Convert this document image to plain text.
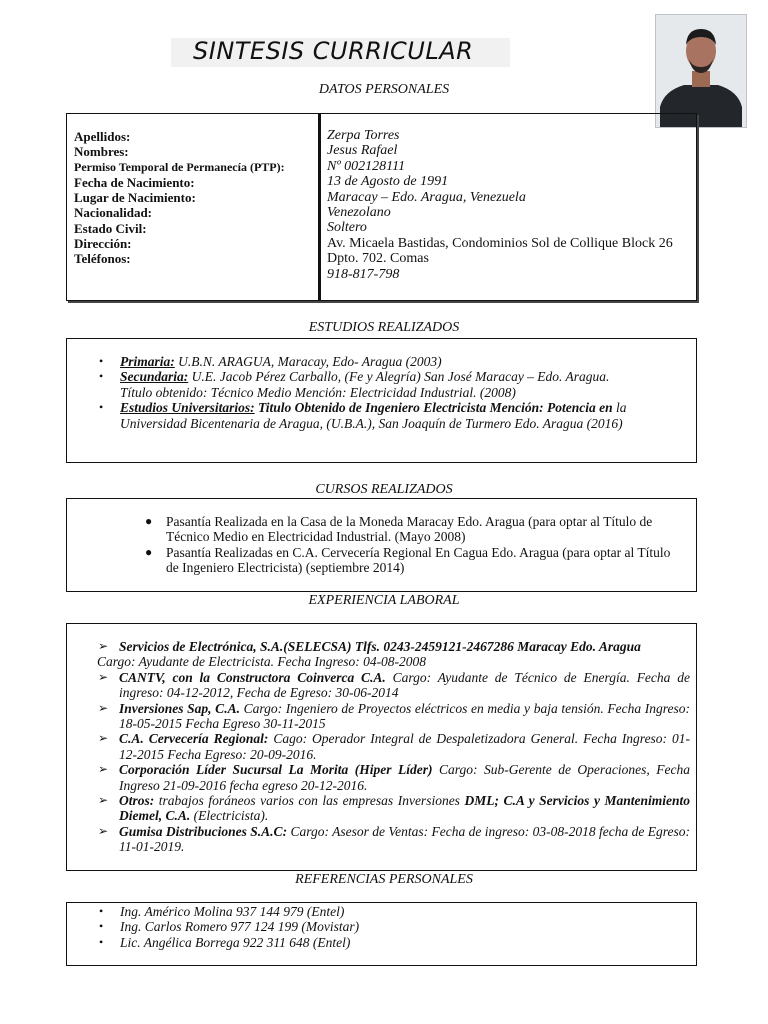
SINTESIS CURRICULAR
DATOS PERSONALES
Apellidos:
Nombres:
Permiso Temporal de Permanecía (PTP):
Fecha de Nacimiento:
Lugar de Nacimiento:
Nacionalidad:
Estado Civil:
Dirección:
Teléfonos:
Zerpa Torres
Jesus Rafael
Nº 002128111
13 de Agosto de 1991
Maracay – Edo. Aragua, Venezuela
Venezolano
Soltero
Av. Micaela Bastidas, Condominios Sol de Collique Block 26
Dpto. 702. Comas
918-817-798
ESTUDIOS REALIZADOS
• Primaria: U.B.N. ARAGUA, Maracay, Edo- Aragua (2003)
• Secundaria: U.E. Jacob Pérez Carballo, (Fe y Alegría) San José Maracay – Edo. Aragua.
Título obtenido: Técnico Medio Mención: Electricidad Industrial. (2008)
• Estudios Universitarios: Titulo Obtenido de Ingeniero Electricista Mención: Potencia en la
Universidad Bicentenaria de Aragua, (U.B.A.), San Joaquín de Turmero Edo. Aragua (2016)
CURSOS REALIZADOS
● Pasantía Realizada en la Casa de la Moneda Maracay Edo. Aragua (para optar al Título de Técnico Medio en Electricidad Industrial. (Mayo 2008)
● Pasantía Realizadas en C.A. Cervecería Regional En Cagua Edo. Aragua (para optar al Título de Ingeniero Electricista) (septiembre 2014)
EXPERIENCIA LABORAL
➢ Servicios de Electrónica, S.A.(SELECSA) Tlfs. 0243-2459121-2467286 Maracay Edo. Aragua
Cargo: Ayudante de Electricista. Fecha Ingreso: 04-08-2008
➢ CANTV, con la Constructora Coinverca C.A. Cargo: Ayudante de Técnico de Energía. Fecha de ingreso: 04-12-2012, Fecha de Egreso: 30-06-2014
➢ Inversiones Sap, C.A. Cargo: Ingeniero de Proyectos eléctricos en media y baja tensión. Fecha Ingreso: 18-05-2015 Fecha Egreso 30-11-2015
➢ C.A. Cervecería Regional: Cago: Operador Integral de Despaletizadora General. Fecha Ingreso: 01-12-2015 Fecha Egreso: 20-09-2016.
➢ Corporación Líder Sucursal La Morita (Hiper Líder) Cargo: Sub-Gerente de Operaciones, Fecha Ingreso 21-09-2016 fecha egreso 20-12-2016.
➢ Otros: trabajos foráneos varios con las empresas Inversiones DML; C.A y Servicios y Mantenimiento Diemel, C.A. (Electricista).
➢ Gumisa Distribuciones S.A.C: Cargo: Asesor de Ventas: Fecha de ingreso: 03-08-2018 fecha de Egreso: 11-01-2019.
REFERENCIAS PERSONALES
• Ing. Américo Molina 937 144 979 (Entel)
• Ing. Carlos Romero 977 124 199 (Movistar)
• Lic. Angélica Borrega 922 311 648 (Entel)
